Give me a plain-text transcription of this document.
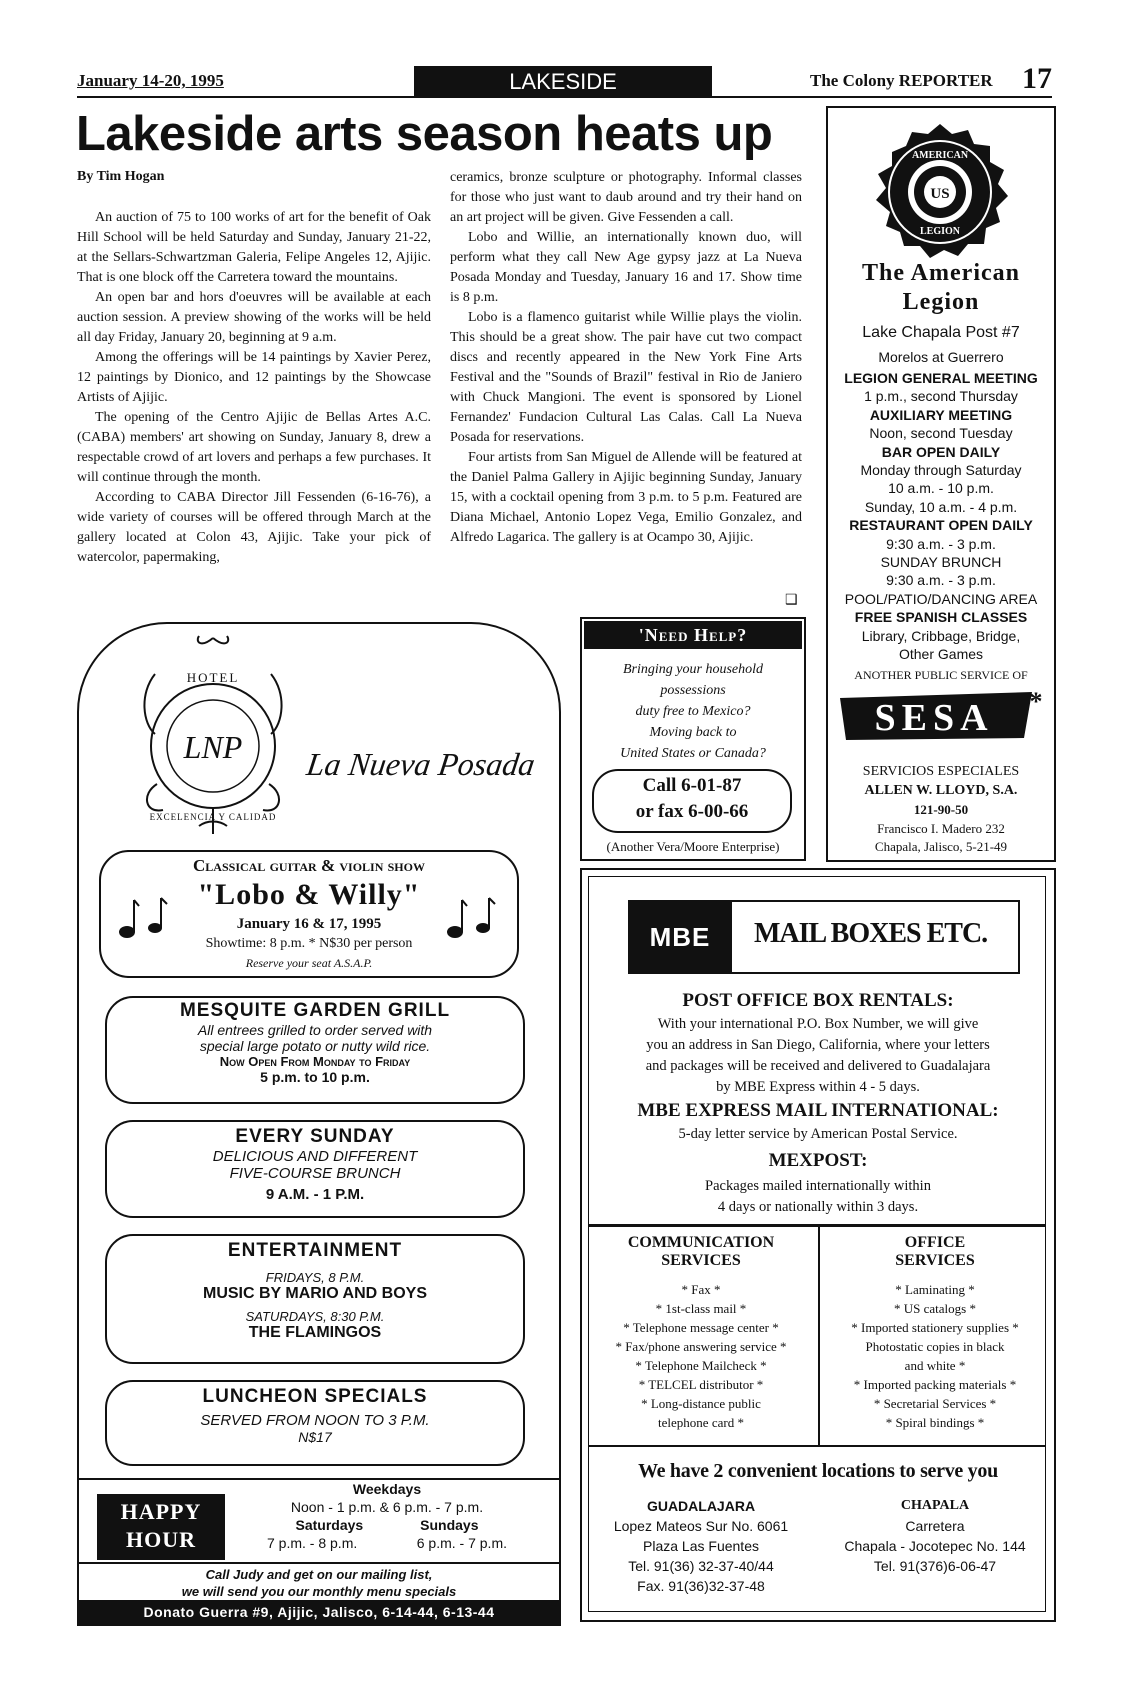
January 14-20, 1995	LAKESIDE	The Colony REPORTER 17
Lakeside arts season heats up
By Tim Hogan

An auction of 75 to 100 works of art for the benefit of Oak Hill School will be held Saturday and Sunday, January 21-22, at the Sellars-Schwartzman Galeria, Felipe Angeles 12, Ajijic. That is one block off the Carretera toward the mountains.

An open bar and hors d'oeuvres will be available at each auction session. A preview showing of the works will be held all day Friday, January 20, beginning at 9 a.m.

Among the offerings will be 14 paintings by Xavier Perez, 12 paintings by Dionico, and 12 paintings by the Showcase Artists of Ajijic.

The opening of the Centro Ajijic de Bellas Artes A.C. (CABA) members' art showing on Sunday, January 8, drew a respectable crowd of art lovers and perhaps a few purchases. It will continue through the month.

According to CABA Director Jill Fessenden (6-16-76), a wide variety of courses will be offered through March at the gallery located at Colon 43, Ajijic. Take your pick of watercolor, papermaking,

ceramics, bronze sculpture or photography. Informal classes for those who just want to daub around and try their hand on an art project will be given. Give Fessenden a call.

Lobo and Willie, an internationally known duo, will perform what they call New Age gypsy jazz at La Nueva Posada Monday and Tuesday, January 16 and 17. Show time is 8 p.m.

Lobo is a flamenco guitarist while Willie plays the violin. This should be a great show. The pair have cut two compact discs and recently appeared in the New York Fine Arts Festival and the "Sounds of Brazil" festival in Rio de Janiero with Chuck Mangioni. The event is sponsored by Lionel Fernandez' Fundacion Cultural Las Calas. Call La Nueva Posada for reservations.

Four artists from San Miguel de Allende will be featured at the Daniel Palma Gallery in Ajijic beginning Sunday, January 15, with a cocktail opening from 3 p.m. to 5 p.m. Featured are Diana Michael, Antonio Lopez Vega, Emilio Gonzalez, and Alfredo Lagarica. The gallery is at Ocampo 30, Ajijic.

❑
US
AMERICAN
LEGION
The American
Legion
Lake Chapala Post #7
Morelos at Guerrero
LEGION GENERAL MEETING
1 p.m., second Thursday
AUXILIARY MEETING
Noon, second Tuesday
BAR OPEN DAILY
Monday through Saturday
10 a.m. - 10 p.m.
Sunday, 10 a.m. - 4 p.m.
RESTAURANT OPEN DAILY
9:30 a.m. - 3 p.m.
SUNDAY BRUNCH
9:30 a.m. - 3 p.m.
POOL/PATIO/DANCING AREA
FREE SPANISH CLASSES
Library, Cribbage, Bridge,
Other Games
ANOTHER PUBLIC SERVICE OF
SESA *
SERVICIOS ESPECIALES
ALLEN W. LLOYD, S.A.
121-90-50
Francisco I. Madero 232
Chapala, Jalisco, 5-21-49
'Need Help?
Bringing your household
possessions
duty free to Mexico?
Moving back to
United States or Canada?
Call 6-01-87
or fax 6-00-66
(Another Vera/Moore Enterprise)
HOTEL
LNP
EXCELENCIA Y CALIDAD
La Nueva Posada
Classical guitar & violin show
"Lobo & Willy"
January 16 & 17, 1995
Showtime: 8 p.m. * N$30 per person
Reserve your seat A.S.A.P.
MESQUITE GARDEN GRILL
All entrees grilled to order served with
special large potato or nutty wild rice.
Now Open From Monday to Friday
5 p.m. to 10 p.m.
EVERY SUNDAY
DELICIOUS AND DIFFERENT
FIVE-COURSE BRUNCH
9 A.M. - 1 P.M.
ENTERTAINMENT
FRIDAYS, 8 P.M.
MUSIC BY MARIO AND BOYS
SATURDAYS, 8:30 P.M.
THE FLAMINGOS
LUNCHEON SPECIALS
SERVED FROM NOON TO 3 P.M.
N$17
HAPPY
HOUR
Weekdays
Noon - 1 p.m. & 6 p.m. - 7 p.m.
Saturdays	Sundays
7 p.m. - 8 p.m.	6 p.m. - 7 p.m.
Call Judy and get on our mailing list,
we will send you our monthly menu specials
Donato Guerra #9, Ajijic, Jalisco, 6-14-44, 6-13-44
MBE	MAIL BOXES ETC.
POST OFFICE BOX RENTALS:
With your international P.O. Box Number, we will give
you an address in San Diego, California, where your letters
and packages will be received and delivered to Guadalajara
by MBE Express within 4 - 5 days.
MBE EXPRESS MAIL INTERNATIONAL:
5-day letter service by American Postal Service.
MEXPOST:
Packages mailed internationally within
4 days or nationally within 3 days.
COMMUNICATION
SERVICES
* Fax *
* 1st-class mail *
* Telephone message center *
* Fax/phone answering service *
* Telephone Mailcheck *
* TELCEL distributor *
* Long-distance public
telephone card *
OFFICE
SERVICES
* Laminating *
* US catalogs *
* Imported stationery supplies *
Photostatic copies in black
and white *
* Imported packing materials *
* Secretarial Services *
* Spiral bindings *
We have 2 convenient locations to serve you
GUADALAJARA
Lopez Mateos Sur No. 6061
Plaza Las Fuentes
Tel. 91(36) 32-37-40/44
Fax. 91(36)32-37-48
CHAPALA
Carretera
Chapala - Jocotepec No. 144
Tel. 91(376)6-06-47
